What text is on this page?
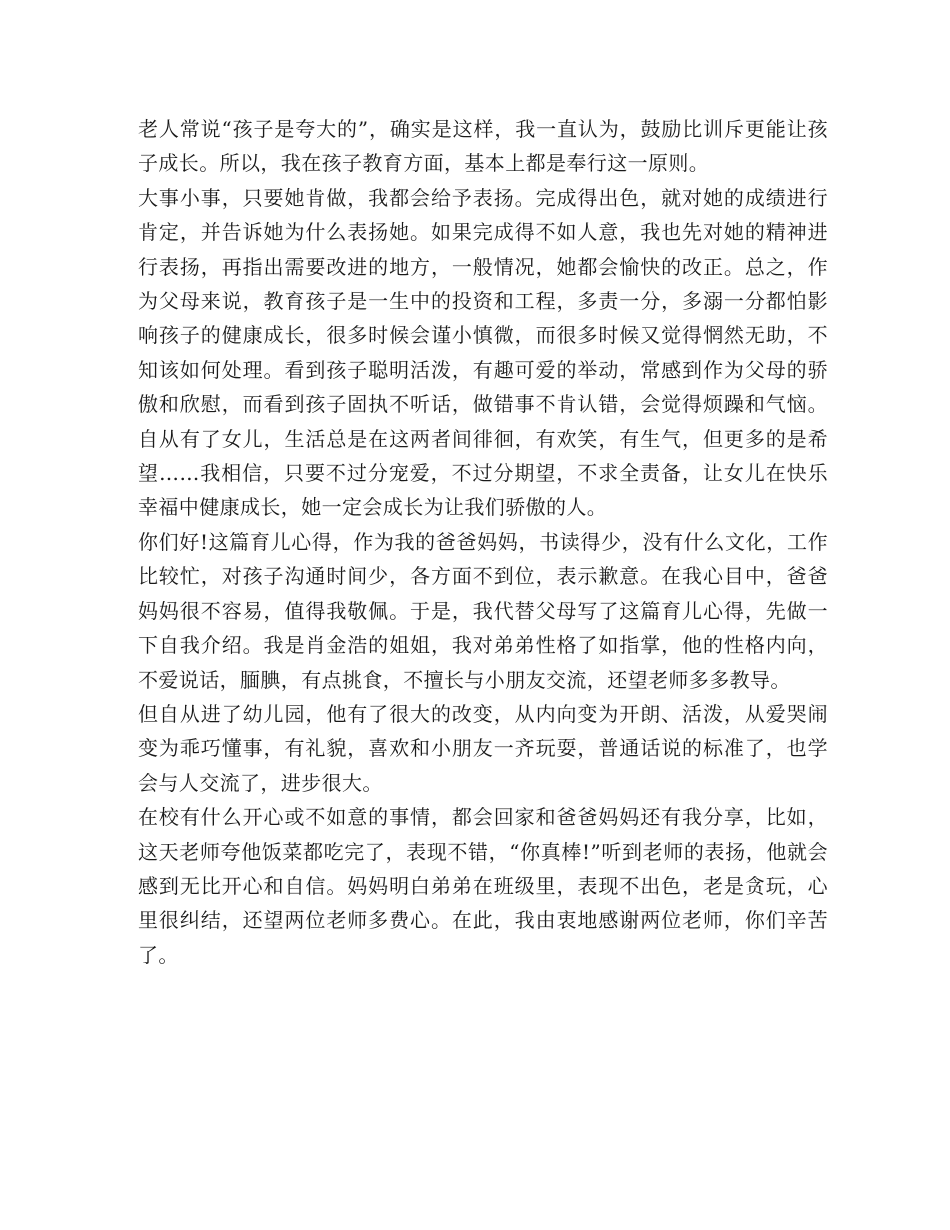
老人常说“孩子是夸大的”，确实是这样，我一直认为，鼓励比训斥更能让孩子成长。所以，我在孩子教育方面，基本上都是奉行这一原则。

大事小事，只要她肯做，我都会给予表扬。完成得出色，就对她的成绩进行肯定，并告诉她为什么表扬她。如果完成得不如人意，我也先对她的精神进行表扬，再指出需要改进的地方，一般情况，她都会愉快的改正。总之，作为父母来说，教育孩子是一生中的投资和工程，多责一分，多溺一分都怕影响孩子的健康成长，很多时候会谨小慎微，而很多时候又觉得惘然无助，不知该如何处理。看到孩子聪明活泼，有趣可爱的举动，常感到作为父母的骄傲和欣慰，而看到孩子固执不听话，做错事不肯认错，会觉得烦躁和气恼。自从有了女儿，生活总是在这两者间徘徊，有欢笑，有生气，但更多的是希望……我相信，只要不过分宠爱，不过分期望，不求全责备，让女儿在快乐幸福中健康成长，她一定会成长为让我们骄傲的人。

你们好!这篇育儿心得，作为我的爸爸妈妈，书读得少，没有什么文化，工作比较忙，对孩子沟通时间少，各方面不到位，表示歉意。在我心目中，爸爸妈妈很不容易，值得我敬佩。于是，我代替父母写了这篇育儿心得，先做一下自我介绍。我是肖金浩的姐姐，我对弟弟性格了如指掌，他的性格内向，不爱说话，腼腆，有点挑食，不擅长与小朋友交流，还望老师多多教导。

但自从进了幼儿园，他有了很大的改变，从内向变为开朗、活泼，从爱哭闹变为乖巧懂事，有礼貌，喜欢和小朋友一齐玩耍，普通话说的标准了，也学会与人交流了，进步很大。

在校有什么开心或不如意的事情，都会回家和爸爸妈妈还有我分享，比如，这天老师夸他饭菜都吃完了，表现不错，“你真棒!”听到老师的表扬，他就会感到无比开心和自信。妈妈明白弟弟在班级里，表现不出色，老是贪玩，心里很纠结，还望两位老师多费心。在此，我由衷地感谢两位老师，你们辛苦了。
